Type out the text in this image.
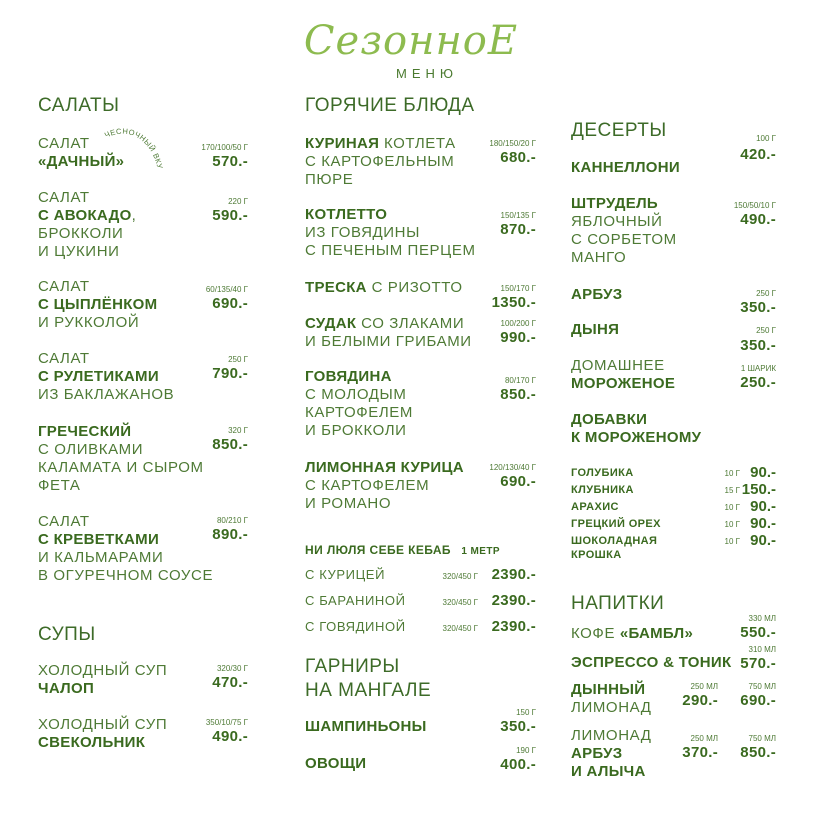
СезонноЕ
МЕНЮ
САЛАТЫ
САЛАТ
«ДАЧНЫЙ»
ЧЕСНОЧНЫЙ ВКУ
170/100/50 Г
570.-
САЛАТ
С АВОКАДО,
БРОККОЛИ
И ЦУКИНИ
220 Г
590.-
САЛАТ
С ЦЫПЛЁНКОМ
И РУККОЛОЙ
60/135/40 Г
690.-
САЛАТ
С РУЛЕТИКАМИ
ИЗ БАКЛАЖАНОВ
250 Г
790.-
ГРЕЧЕСКИЙ
С ОЛИВКАМИ
КАЛАМАТА И СЫРОМ
ФЕТА
320 Г
850.-
САЛАТ
С КРЕВЕТКАМИ
И КАЛЬМАРАМИ
В ОГУРЕЧНОМ СОУСЕ
80/210 Г
890.-
СУПЫ
ХОЛОДНЫЙ СУП
ЧАЛОП
320/30 Г
470.-
ХОЛОДНЫЙ СУП
СВЕКОЛЬНИК
350/10/75 Г
490.-
ГОРЯЧИЕ БЛЮДА
КУРИНАЯ КОТЛЕТА
С КАРТОФЕЛЬНЫМ
ПЮРЕ
180/150/20 Г
680.-
КОТЛЕТТО
ИЗ ГОВЯДИНЫ
С ПЕЧЕНЫМ ПЕРЦЕМ
150/135 Г
870.-
ТРЕСКА С РИЗОТТО	150/170 Г
1350.-
СУДАК СО ЗЛАКАМИ
И БЕЛЫМИ ГРИБАМИ
100/200 Г
990.-
ГОВЯДИНА
С МОЛОДЫМ
КАРТОФЕЛЕМ
И БРОККОЛИ
80/170 Г
850.-
ЛИМОННАЯ КУРИЦА
С КАРТОФЕЛЕМ
И РОМАНО
120/130/40 Г
690.-
НИ ЛЮЛЯ СЕБЕ КЕБАБ 1 МЕТР
С КУРИЦЕЙ	320/450 Г 2390.-
С БАРАНИНОЙ	320/450 Г 2390.-
С ГОВЯДИНОЙ	320/450 Г 2390.-
ГАРНИРЫ
НА МАНГАЛЕ
ШАМПИНЬОНЫ
150 Г
350.-
ОВОЩИ
190 Г
400.-
ДЕСЕРТЫ
КАННЕЛЛОНИ
100 Г
420.-
ШТРУДЕЛЬ
ЯБЛОЧНЫЙ
С СОРБЕТОМ
МАНГО
150/50/10 Г
490.-
АРБУЗ	250 Г
350.-
ДЫНЯ	250 Г
350.-
ДОМАШНЕЕ
МОРОЖЕНОЕ
1 ШАРИК
250.-
ДОБАВКИ
К МОРОЖЕНОМУ
ГОЛУБИКА	10 Г 90.-
КЛУБНИКА	15 Г 150.-
АРАХИС	10 Г 90.-
ГРЕЦКИЙ ОРЕХ	10 Г 90.-
ШОКОЛАДНАЯ
КРОШКА
10 Г 90.-
НАПИТКИ
КОФЕ «БАМБЛ»
330 МЛ
550.-
ЭСПРЕССО & ТОНИК
310 МЛ
570.-
ДЫННЫЙ
ЛИМОНАД
250 МЛ
290.-
750 МЛ
690.-
ЛИМОНАД
АРБУЗ
И АЛЫЧА
250 МЛ
370.-
750 МЛ
850.-
